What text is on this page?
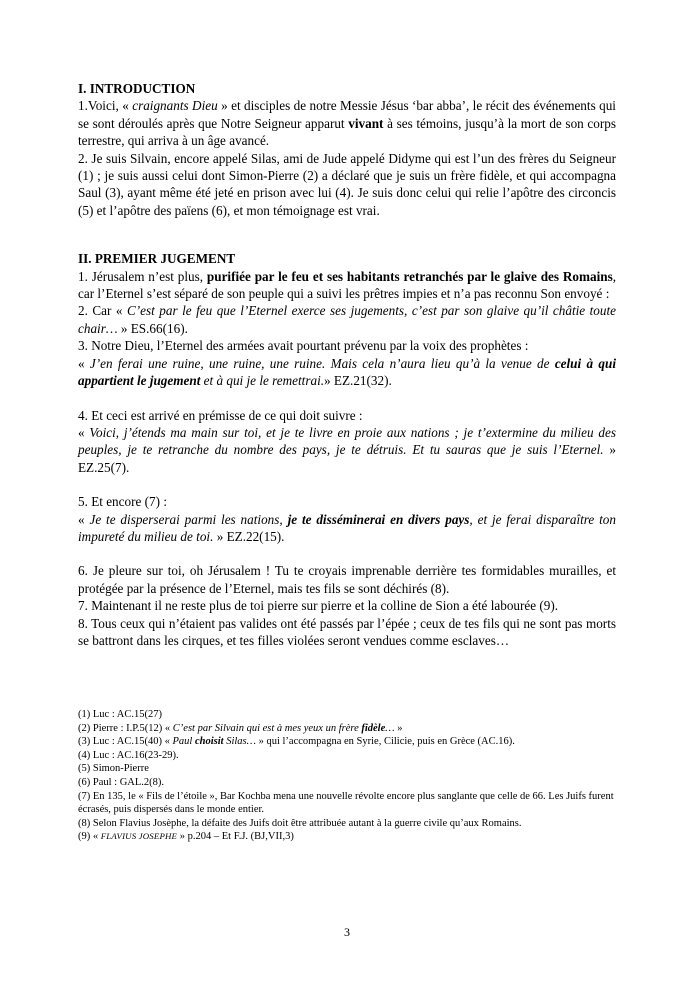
I. INTRODUCTION

1.Voici, « craignants Dieu » et disciples de notre Messie Jésus ‘bar abba’, le récit des événements qui se sont déroulés après que Notre Seigneur apparut vivant à ses témoins, jusqu’à la mort de son corps terrestre, qui arriva à un âge avancé.

2. Je suis Silvain, encore appelé Silas, ami de Jude appelé Didyme qui est l’un des frères du Seigneur (1) ; je suis aussi celui dont Simon-Pierre (2) a déclaré que je suis un frère fidèle, et qui accompagna Saul (3), ayant même été jeté en prison avec lui (4). Je suis donc celui qui relie l’apôtre des circoncis (5) et l’apôtre des païens (6), et mon témoignage est vrai.

II. PREMIER JUGEMENT

1. Jérusalem n’est plus, purifiée par le feu et ses habitants retranchés par le glaive des Romains, car l’Eternel s’est séparé de son peuple qui a suivi les prêtres impies et n’a pas reconnu Son envoyé :

2. Car « C’est par le feu que l’Eternel exerce ses jugements, c’est par son glaive qu’il châtie toute chair… » ES.66(16).

3. Notre Dieu, l’Eternel des armées avait pourtant prévenu par la voix des prophètes :

« J’en ferai une ruine, une ruine, une ruine. Mais cela n’aura lieu qu’à la venue de celui à qui appartient le jugement et à qui je le remettrai.» EZ.21(32).

4. Et ceci est arrivé en prémisse de ce qui doit suivre :

« Voici, j’étends ma main sur toi, et je te livre en proie aux nations ; je t’extermine du milieu des peuples, je te retranche du nombre des pays, je te détruis. Et tu sauras que je suis l’Eternel. » EZ.25(7).

5. Et encore (7) :

« Je te disperserai parmi les nations, je te disséminerai en divers pays, et je ferai disparaître ton impureté du milieu de toi. » EZ.22(15).

6. Je pleure sur toi, oh Jérusalem ! Tu te croyais imprenable derrière tes formidables murailles, et protégée par la présence de l’Eternel, mais tes fils se sont déchirés (8).

7. Maintenant il ne reste plus de toi pierre sur pierre et la colline de Sion a été labourée (9).

8. Tous ceux qui n’étaient pas valides ont été passés par l’épée ; ceux de tes fils qui ne sont pas morts se battront dans les cirques, et tes filles violées seront vendues comme esclaves…

(1) Luc : AC.15(27)

(2) Pierre : I.P.5(12) « C’est par Silvain qui est à mes yeux un frère fidèle… »

(3) Luc : AC.15(40) « Paul choisit Silas… » qui l’accompagna en Syrie, Cilicie, puis en Grèce (AC.16).

(4) Luc : AC.16(23-29).

(5) Simon-Pierre

(6) Paul : GAL.2(8).

(7) En 135, le « Fils de l’étoile », Bar Kochba mena une nouvelle révolte encore plus sanglante que celle de 66. Les Juifs furent écrasés, puis dispersés dans le monde entier.

(8) Selon Flavius Josèphe, la défaite des Juifs doit être attribuée autant à la guerre civile qu’aux Romains.

(9) « FLAVIUS JOSEPHE » p.204 – Et F.J. (BJ,VII,3)

3
